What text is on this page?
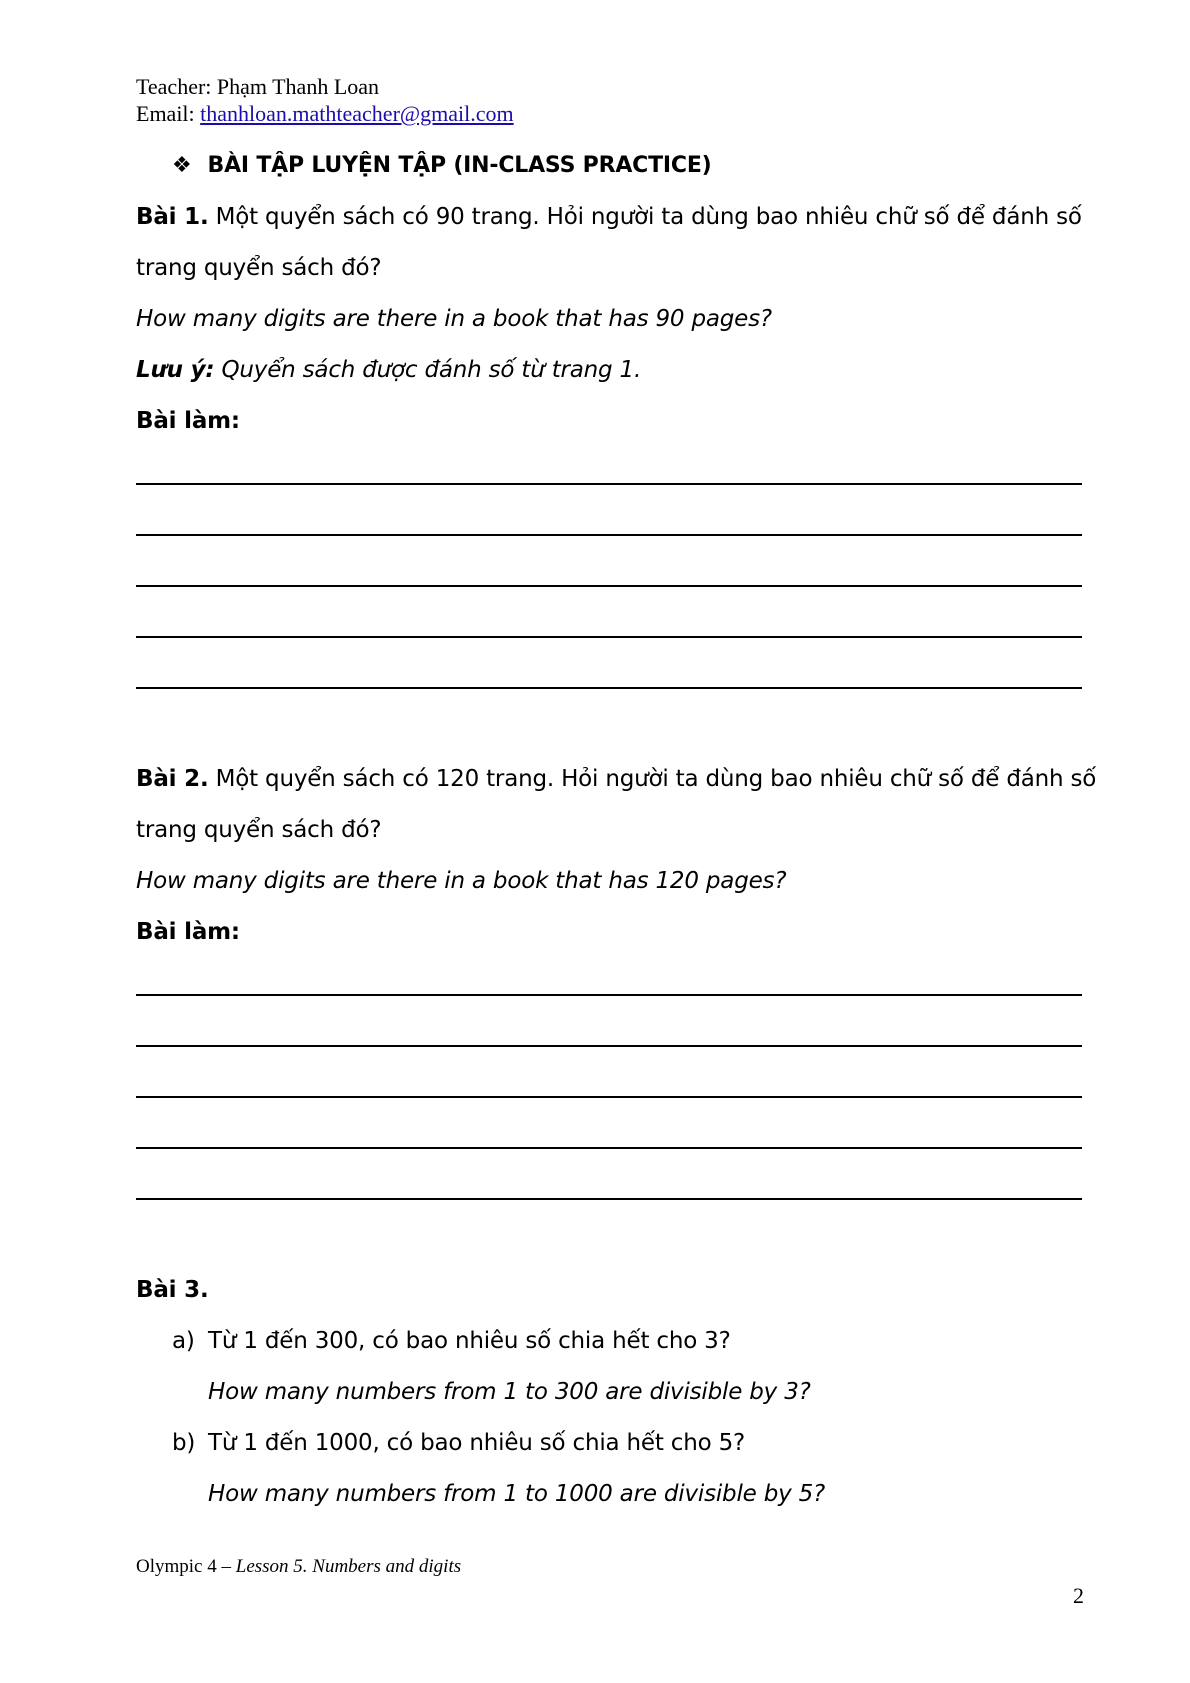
Teacher: Phạm Thanh Loan
Email: thanhloan.mathteacher@gmail.com
❖ BÀI TẬP LUYỆN TẬP (IN-CLASS PRACTICE)
Bài 1. Một quyển sách có 90 trang. Hỏi người ta dùng bao nhiêu chữ số để đánh số
trang quyển sách đó?
How many digits are there in a book that has 90 pages?
Lưu ý: Quyển sách được đánh số từ trang 1.
Bài làm:
Bài 2. Một quyển sách có 120 trang. Hỏi người ta dùng bao nhiêu chữ số để đánh số
trang quyển sách đó?
How many digits are there in a book that has 120 pages?
Bài làm:
Bài 3.
a) Từ 1 đến 300, có bao nhiêu số chia hết cho 3?
How many numbers from 1 to 300 are divisible by 3?
b) Từ 1 đến 1000, có bao nhiêu số chia hết cho 5?
How many numbers from 1 to 1000 are divisible by 5?
Olympic 4 – Lesson 5. Numbers and digits
2
